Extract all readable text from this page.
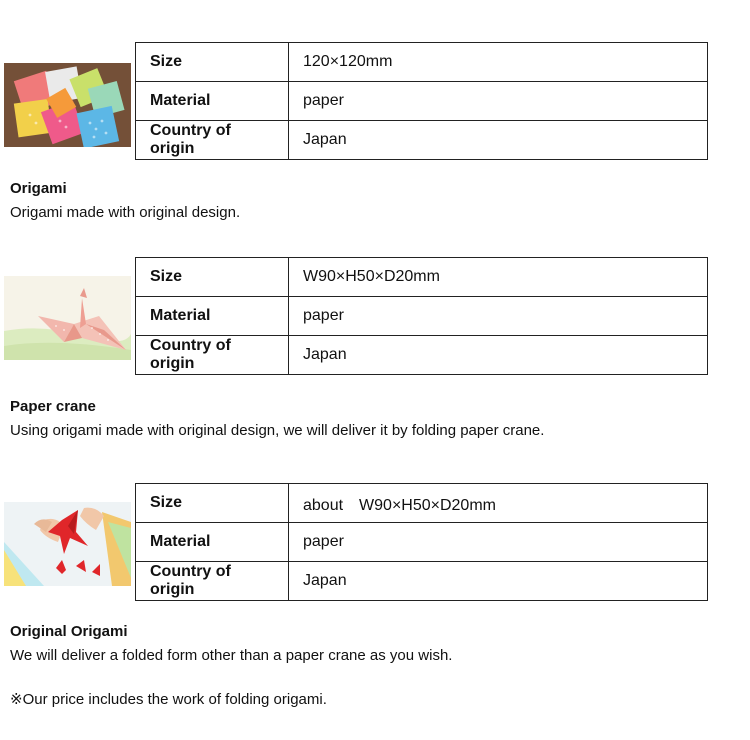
Size	120×120mm
Material	paper
Country of origin	Japan
Origami
Origami made with original design.
Size	W90×H50×D20mm
Material	paper
Country of origin	Japan
Paper crane
Using origami made with original design, we will deliver it by folding paper crane.
Size	about　W90×H50×D20mm
Material	paper
Country of origin	Japan
Original Origami
We will deliver a folded form other than a paper crane as you wish.
※Our price includes the work of folding origami.
